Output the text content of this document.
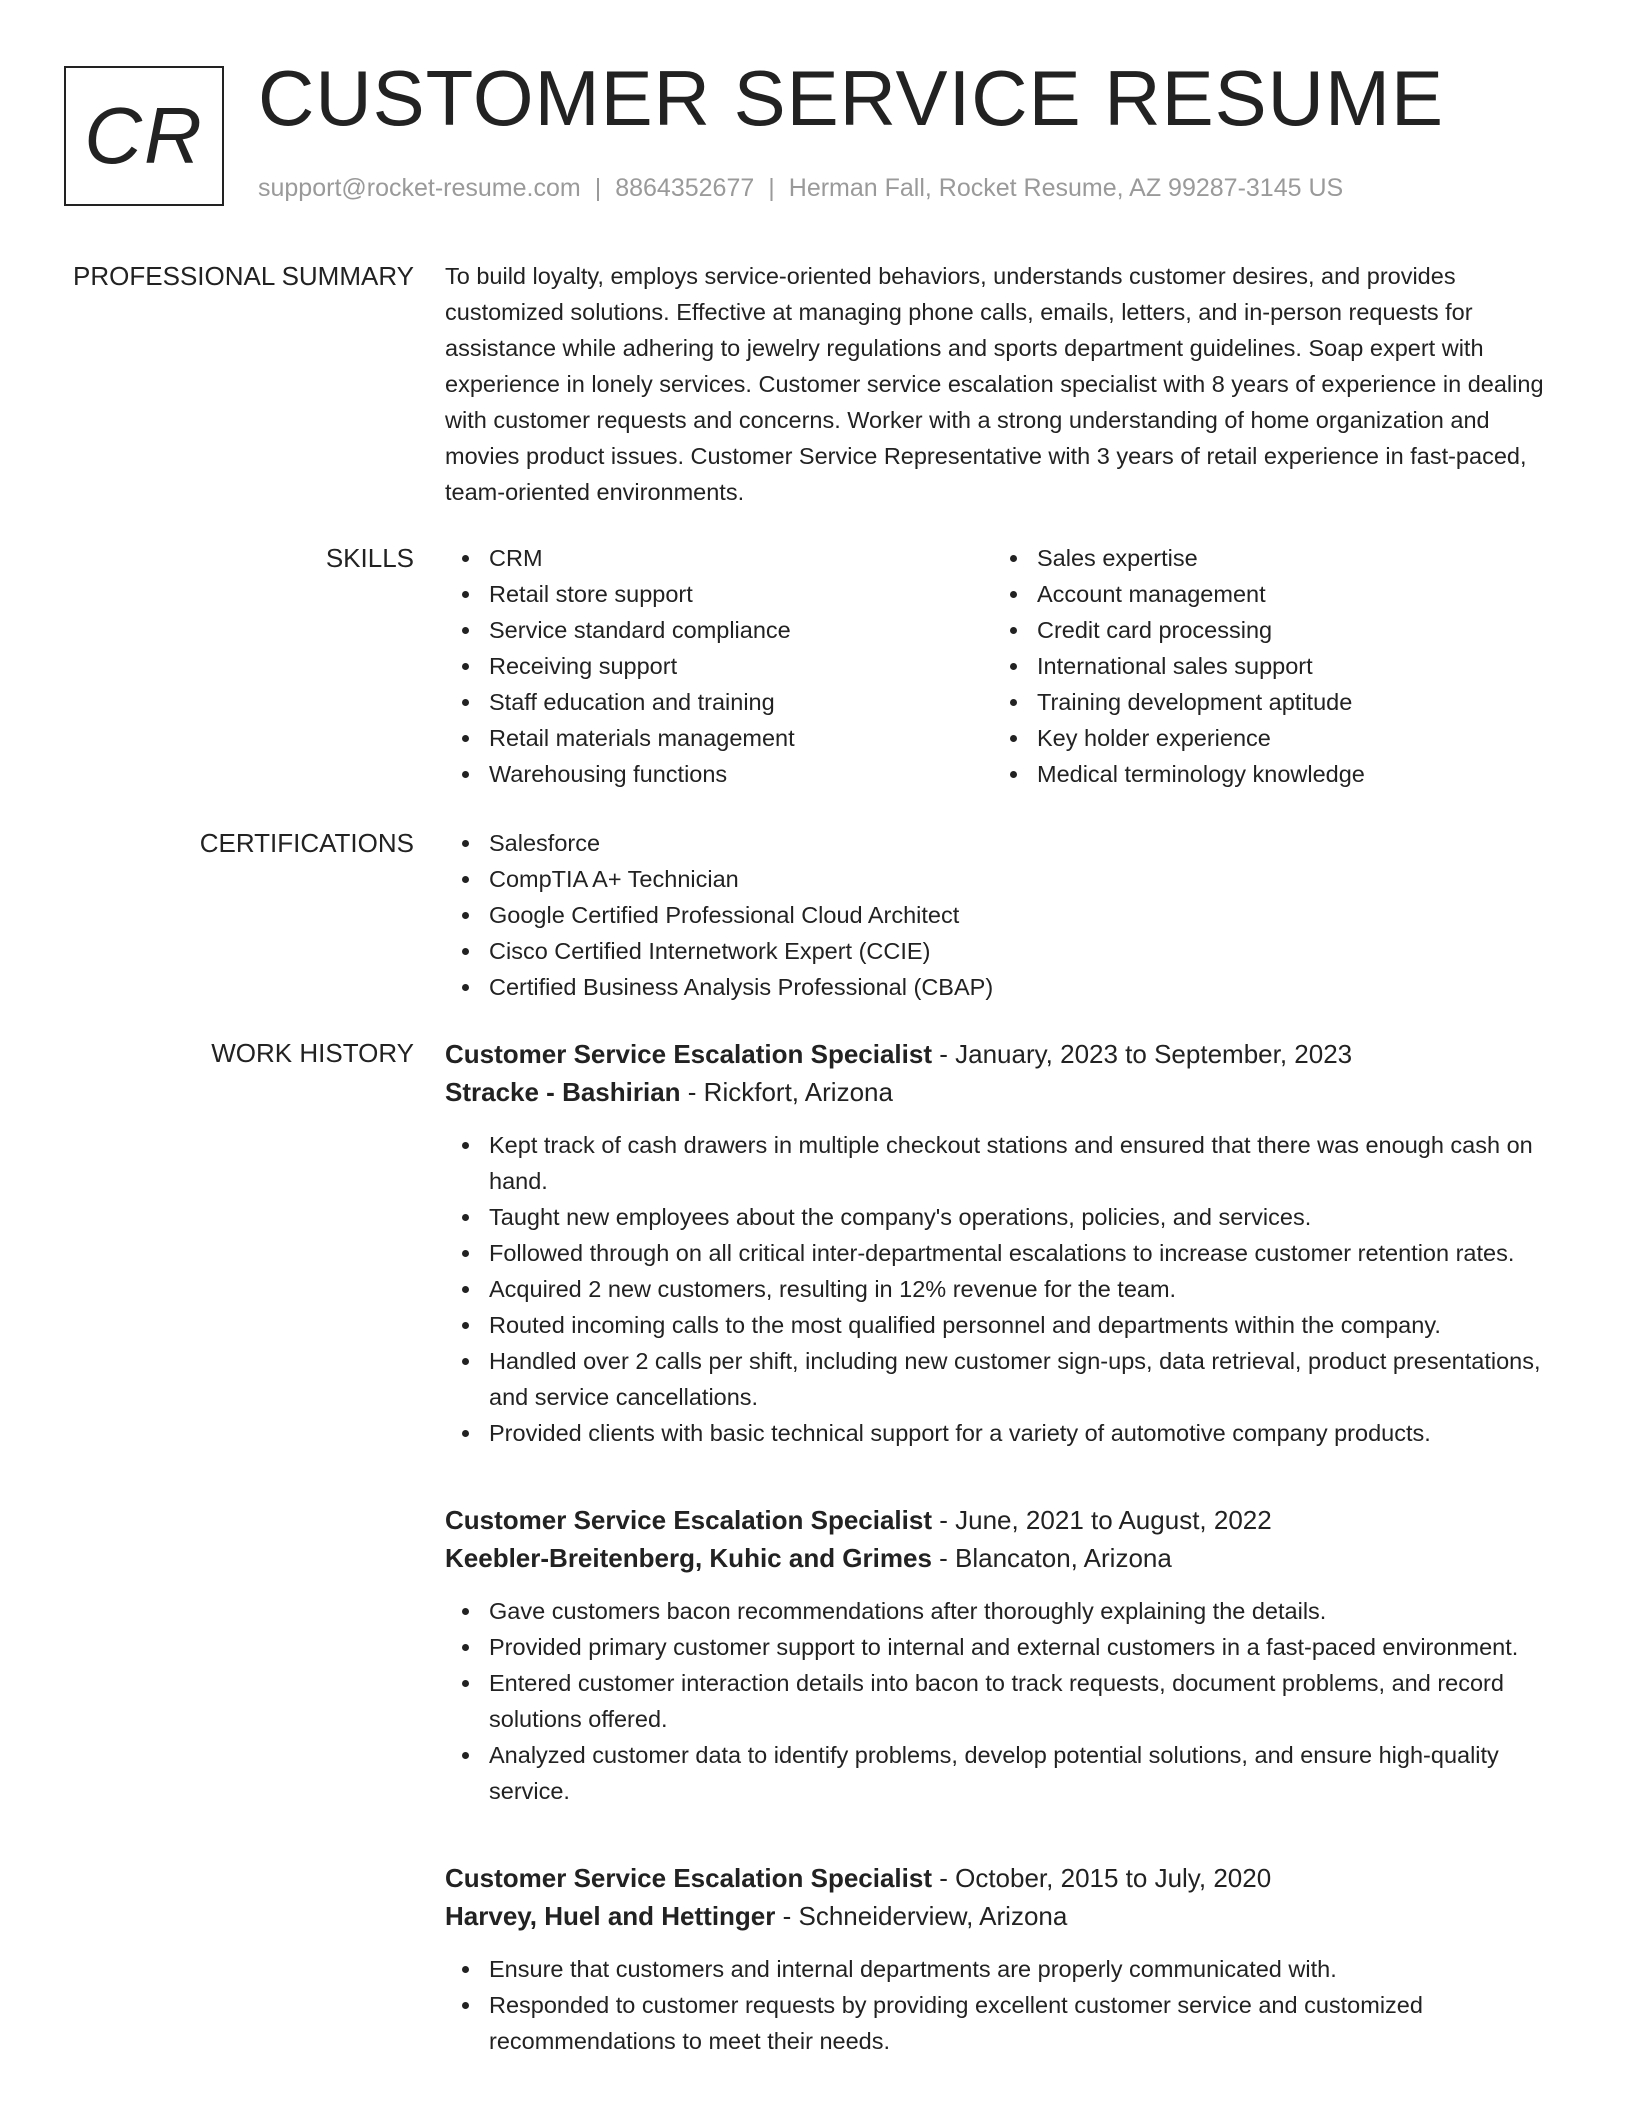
CR CUSTOMER SERVICE RESUME
support@rocket-resume.com | 8864352677 | Herman Fall, Rocket Resume, AZ 99287-3145 US
PROFESSIONAL SUMMARY To build loyalty, employs service-oriented behaviors, understands customer desires, and provides customized solutions. Effective at managing phone calls, emails, letters, and in-person requests for assistance while adhering to jewelry regulations and sports department guidelines. Soap expert with experience in lonely services. Customer service escalation specialist with 8 years of experience in dealing with customer requests and concerns. Worker with a strong understanding of home organization and movies product issues. Customer Service Representative with 3 years of retail experience in fast-paced, team-oriented environments.

SKILLS	CRM
Retail store support
Service standard compliance
Receiving support
Staff education and training
Retail materials management
Warehousing functions
Sales expertise
Account management
Credit card processing
International sales support
Training development aptitude
Key holder experience
Medical terminology knowledge
CERTIFICATIONS	Salesforce
CompTIA A+ Technician
Google Certified Professional Cloud Architect
Cisco Certified Internetwork Expert (CCIE)
Certified Business Analysis Professional (CBAP)
WORK HISTORY Customer Service Escalation Specialist - January, 2023 to September, 2023
Stracke - Bashirian - Rickfort, Arizona
Kept track of cash drawers in multiple checkout stations and ensured that there was enough cash on hand.
Taught new employees about the company's operations, policies, and services.
Followed through on all critical inter-departmental escalations to increase customer retention rates.
Acquired 2 new customers, resulting in 12% revenue for the team.
Routed incoming calls to the most qualified personnel and departments within the company.
Handled over 2 calls per shift, including new customer sign-ups, data retrieval, product presentations, and service cancellations.
Provided clients with basic technical support for a variety of automotive company products.
Customer Service Escalation Specialist - June, 2021 to August, 2022
Keebler-Breitenberg, Kuhic and Grimes - Blancaton, Arizona
Gave customers bacon recommendations after thoroughly explaining the details.
Provided primary customer support to internal and external customers in a fast-paced environment.
Entered customer interaction details into bacon to track requests, document problems, and record solutions offered.
Analyzed customer data to identify problems, develop potential solutions, and ensure high-quality service.
Customer Service Escalation Specialist - October, 2015 to July, 2020
Harvey, Huel and Hettinger - Schneiderview, Arizona
Ensure that customers and internal departments are properly communicated with.
Responded to customer requests by providing excellent customer service and customized recommendations to meet their needs.
